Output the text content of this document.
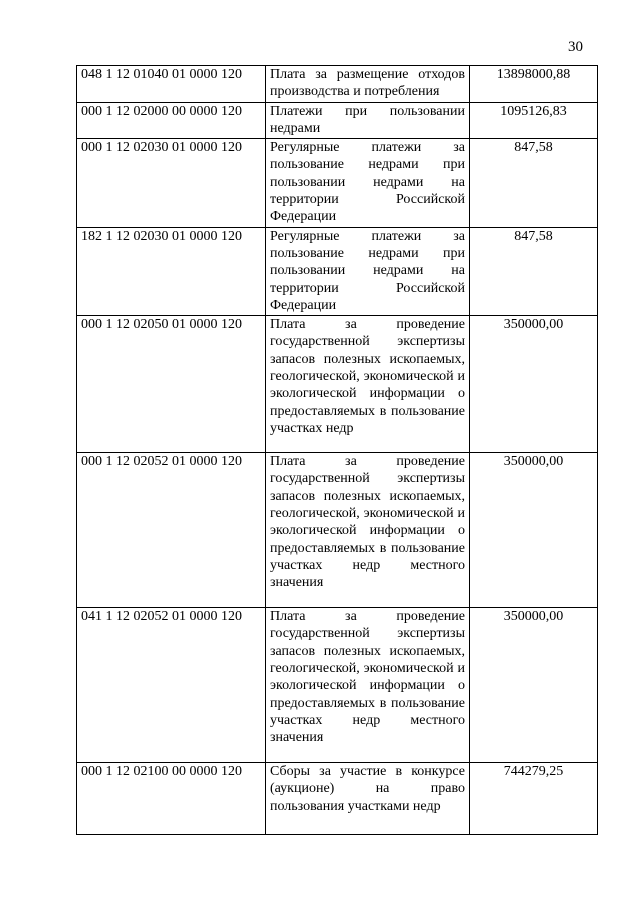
30
048 1 12 01040 01 0000 120	Плата за размещение отходов производства и потребления	13898000,88
000 1 12 02000 00 0000 120	Платежи при пользовании недрами	1095126,83
000 1 12 02030 01 0000 120	Регулярные платежи за пользование недрами при пользовании недрами на территории Российской Федерации	847,58
182 1 12 02030 01 0000 120	Регулярные платежи за пользование недрами при пользовании недрами на территории Российской Федерации	847,58
000 1 12 02050 01 0000 120	Плата за проведение государственной экспертизы запасов полезных ископаемых, геологической, экономической и экологической информации о предоставляемых в пользование участках недр	350000,00
000 1 12 02052 01 0000 120	Плата за проведение государственной экспертизы запасов полезных ископаемых, геологической, экономической и экологической информации о предоставляемых в пользование участках недр местного значения	350000,00
041 1 12 02052 01 0000 120	Плата за проведение государственной экспертизы запасов полезных ископаемых, геологической, экономической и экологической информации о предоставляемых в пользование участках недр местного значения	350000,00
000 1 12 02100 00 0000 120	Сборы за участие в конкурсе (аукционе) на право пользования участками недр	744279,25
